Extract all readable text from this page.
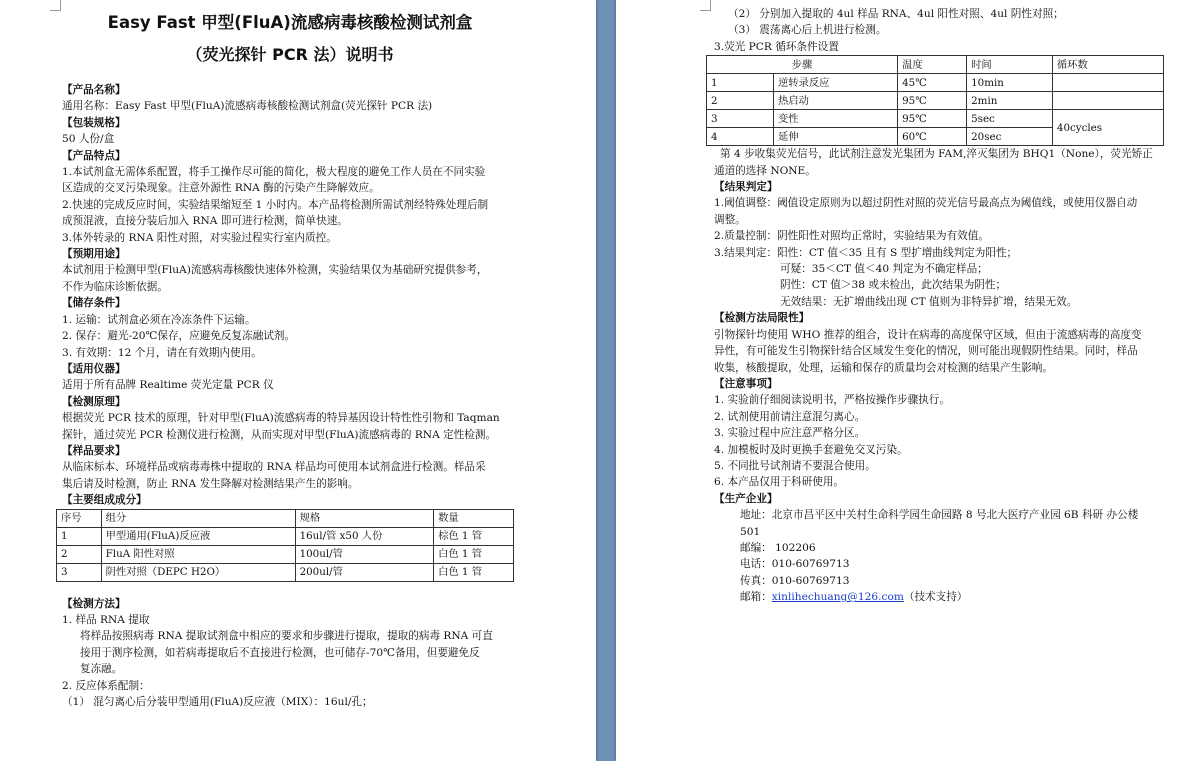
Easy Fast 甲型(FluA)流感病毒核酸检测试剂盒

（荧光探针 PCR 法）说明书

【产品名称】
通用名称：Easy Fast 甲型(FluA)流感病毒核酸检测试剂盒(荧光探针 PCR 法)
【包装规格】
50 人份/盒
【产品特点】
1.本试剂盒无需体系配置，将手工操作尽可能的简化，极大程度的避免工作人员在不同实验
区造成的交叉污染现象。注意外源性 RNA 酶的污染产生降解效应。
2.快速的完成反应时间，实验结果缩短至 1 小时内。本产品将检测所需试剂经特殊处理后制
成预混液，直接分装后加入 RNA 即可进行检测，简单快速。
3.体外转录的 RNA 阳性对照，对实验过程实行室内质控。
【预期用途】
本试剂用于检测甲型(FluA)流感病毒核酸快速体外检测，实验结果仅为基础研究提供参考，
不作为临床诊断依据。
【储存条件】
1. 运输：试剂盒必须在冷冻条件下运输。
2. 保存：避光-20℃保存，应避免反复冻融试剂。
3. 有效期：12 个月，请在有效期内使用。
【适用仪器】
适用于所有品牌 Realtime 荧光定量 PCR 仪
【检测原理】
根据荧光 PCR 技术的原理，针对甲型(FluA)流感病毒的特异基因设计特性性引物和 Taqman
探针，通过荧光 PCR 检测仪进行检测，从而实现对甲型(FluA)流感病毒的 RNA 定性检测。
【样品要求】
从临床标本、环境样品或病毒毒株中提取的 RNA 样品均可使用本试剂盒进行检测。样品采
集后请及时检测，防止 RNA 发生降解对检测结果产生的影响。
【主要组成成分】
序号	组分	规格	数量
1	甲型通用(FluA)反应液	16ul/管 x50 人份	棕色 1 管
2	FluA 阳性对照	100ul/管	白色 1 管
3	阴性对照（DEPC H2O）	200ul/管	白色 1 管
【检测方法】
1. 样品 RNA 提取
将样品按照病毒 RNA 提取试剂盒中相应的要求和步骤进行提取，提取的病毒 RNA 可直
接用于测序检测，如若病毒提取后不直接进行检测，也可储存-70℃备用，但要避免反
复冻融。
2. 反应体系配制：
（1） 混匀离心后分装甲型通用(FluA)反应液（MIX）：16ul/孔；
（2） 分别加入提取的 4ul 样品 RNA、4ul 阳性对照、4ul 阴性对照；
（3） 震荡离心后上机进行检测。
3.荧光 PCR 循环条件设置
步骤		温度	时间	循环数
1	逆转录反应	45℃	10min	
2	热启动	95℃	2min	
3	变性	95℃	5sec	40cycles
4	延伸	60℃	20sec	
第 4 步收集荧光信号，此试剂注意发光集团为 FAM,淬灭集团为 BHQ1（None），荧光矫正
通道的选择 NONE。
【结果判定】
1.阈值调整：阈值设定原则为以超过阴性对照的荧光信号最高点为阈值线，或使用仪器自动
调整。
2.质量控制：阴性阳性对照均正常时，实验结果为有效值。
3.结果判定：阳性：CT 值＜35 且有 S 型扩增曲线判定为阳性；
可疑：35＜CT 值＜40 判定为不确定样品；
阴性：CT 值＞38 或未检出，此次结果为阴性；
无效结果：无扩增曲线出现 CT 值则为非特异扩增，结果无效。
【检测方法局限性】
引物探针均使用 WHO 推荐的组合，设计在病毒的高度保守区域，但由于流感病毒的高度变
异性，有可能发生引物探针结合区域发生变化的情况，则可能出现假阴性结果。同时，样品
收集，核酸提取，处理，运输和保存的质量均会对检测的结果产生影响。
【注意事项】
1. 实验前仔细阅读说明书，严格按操作步骤执行。
2. 试剂使用前请注意混匀离心。
3. 实验过程中应注意严格分区。
4. 加模板时及时更换手套避免交叉污染。
5. 不同批号试剂请不要混合使用。
6. 本产品仅用于科研使用。
【生产企业】
地址：北京市昌平区中关村生命科学园生命园路 8 号北大医疗产业园 6B 科研 办公楼
501
邮编： 102206
电话：010-60769713
传真：010-60769713
邮箱：xinlihechuang@126.com（技术支持）
